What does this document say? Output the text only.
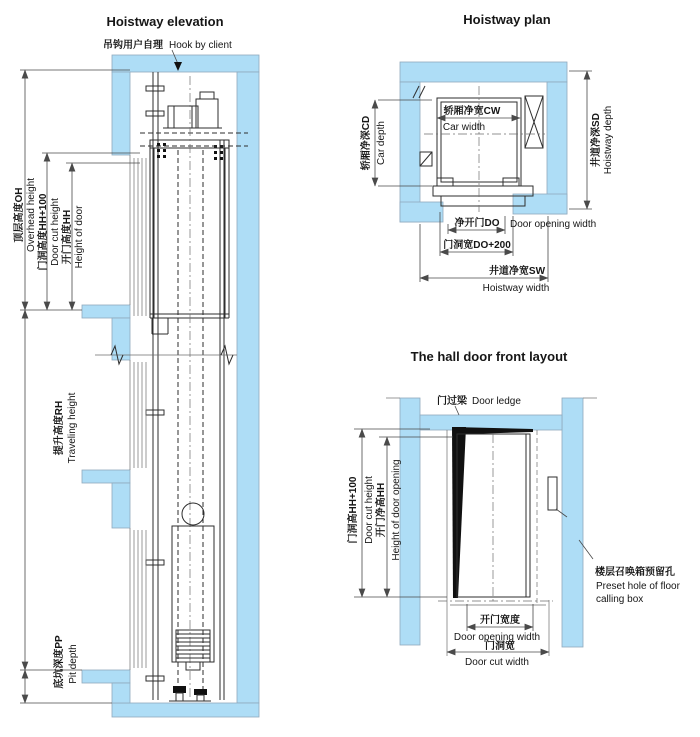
Hoistway elevation
吊钩用户自理 Hook by client
顶层高度OH Overhead height 门洞高度HH+100 Door cut height 开门高度HH Height of door
提升高度RH Traveling height
底坑深度PP Pit depth
Hoistway plan
轿厢净宽CW
Car width
轿厢净深CD Car depth	井道净深SD Hoistway depth
净开门DO Door opening width
门洞宽DO+200
井道净宽SW
Hoistway width
The hall door front layout
门过梁 Door ledge
楼层召唤箱预留孔
Preset hole of floor
calling box
门洞高HH+100 Door cut height 开门净高HH Height of door opening
开门宽度
Door opening width
门洞宽
Door cut width
